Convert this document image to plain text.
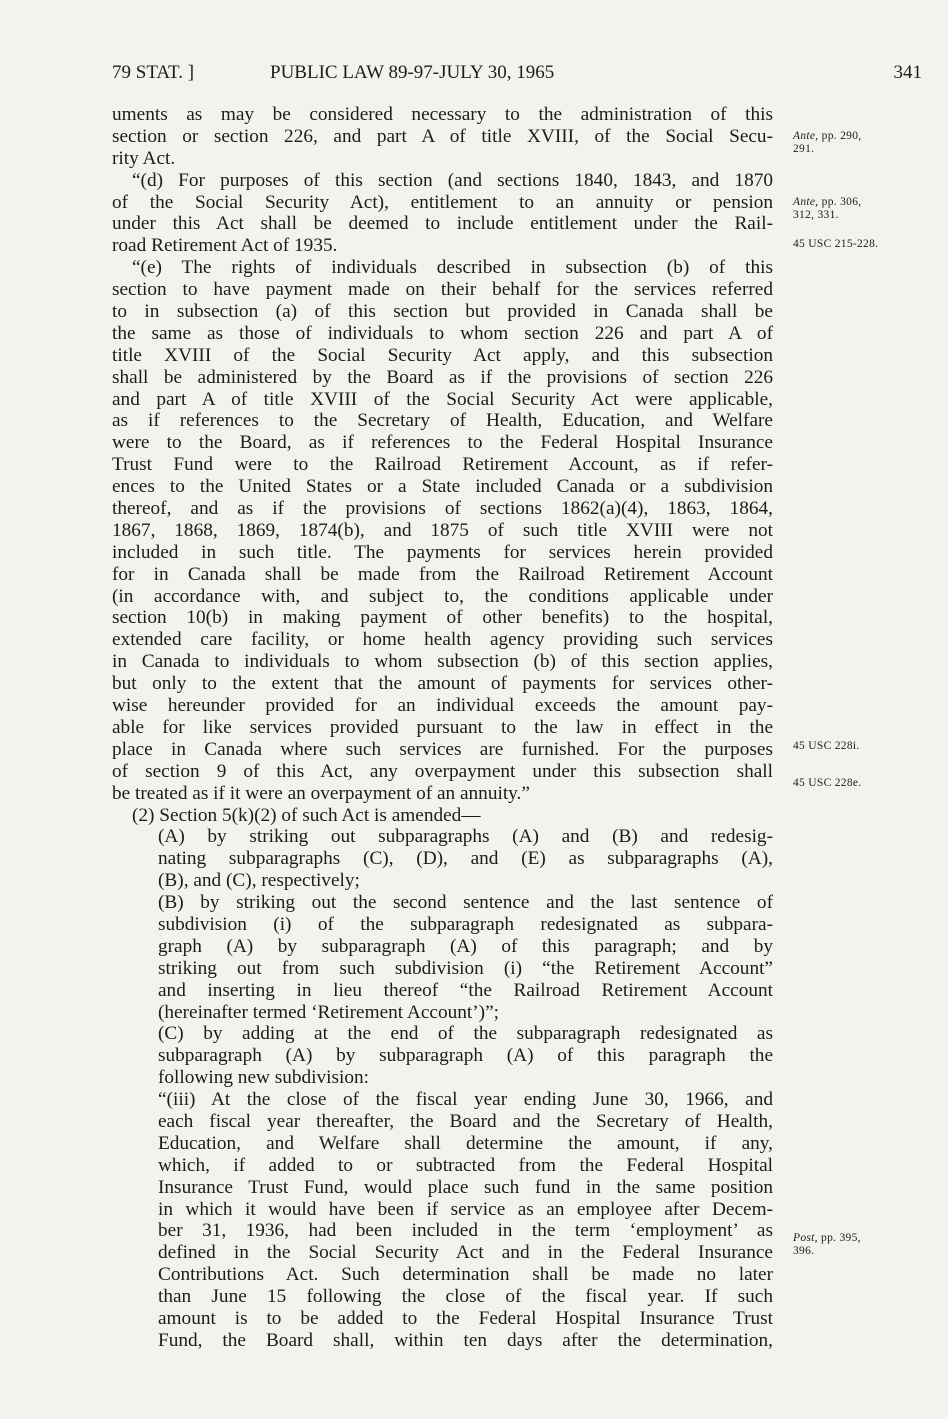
79 STAT. ]	PUBLIC LAW 89-97-JULY 30, 1965	341
uments as may be considered necessary to the administration of this
section or section 226, and part A of title XVIII, of the Social Secu-
rity Act.
“(d) For purposes of this section (and sections 1840, 1843, and 1870
of the Social Security Act), entitlement to an annuity or pension
under this Act shall be deemed to include entitlement under the Rail-
road Retirement Act of 1935.
“(e) The rights of individuals described in subsection (b) of this
section to have payment made on their behalf for the services referred
to in subsection (a) of this section but provided in Canada shall be
the same as those of individuals to whom section 226 and part A of
title XVIII of the Social Security Act apply, and this subsection
shall be administered by the Board as if the provisions of section 226
and part A of title XVIII of the Social Security Act were applicable,
as if references to the Secretary of Health, Education, and Welfare
were to the Board, as if references to the Federal Hospital Insurance
Trust Fund were to the Railroad Retirement Account, as if refer-
ences to the United States or a State included Canada or a subdivision
thereof, and as if the provisions of sections 1862(a)(4), 1863, 1864,
1867, 1868, 1869, 1874(b), and 1875 of such title XVIII were not
included in such title. The payments for services herein provided
for in Canada shall be made from the Railroad Retirement Account
(in accordance with, and subject to, the conditions applicable under
section 10(b) in making payment of other benefits) to the hospital,
extended care facility, or home health agency providing such services
in Canada to individuals to whom subsection (b) of this section applies,
but only to the extent that the amount of payments for services other-
wise hereunder provided for an individual exceeds the amount pay-
able for like services provided pursuant to the law in effect in the
place in Canada where such services are furnished. For the purposes
of section 9 of this Act, any overpayment under this subsection shall
be treated as if it were an overpayment of an annuity.”
(2) Section 5(k)(2) of such Act is amended—
(A) by striking out subparagraphs (A) and (B) and redesig-
nating subparagraphs (C), (D), and (E) as subparagraphs (A),
(B), and (C), respectively;
(B) by striking out the second sentence and the last sentence of
subdivision (i) of the subparagraph redesignated as subpara-
graph (A) by subparagraph (A) of this paragraph; and by
striking out from such subdivision (i) “the Retirement Account”
and inserting in lieu thereof “the Railroad Retirement Account
(hereinafter termed ‘Retirement Account’)”;
(C) by adding at the end of the subparagraph redesignated as
subparagraph (A) by subparagraph (A) of this paragraph the
following new subdivision:
“(iii) At the close of the fiscal year ending June 30, 1966, and
each fiscal year thereafter, the Board and the Secretary of Health,
Education, and Welfare shall determine the amount, if any,
which, if added to or subtracted from the Federal Hospital
Insurance Trust Fund, would place such fund in the same position
in which it would have been if service as an employee after Decem-
ber 31, 1936, had been included in the term ‘employment’ as
defined in the Social Security Act and in the Federal Insurance
Contributions Act. Such determination shall be made no later
than June 15 following the close of the fiscal year. If such
amount is to be added to the Federal Hospital Insurance Trust
Fund, the Board shall, within ten days after the determination,
Ante, pp. 290,
291.
Ante, pp. 306,
312, 331.
45 USC 215-228.
45 USC 228i.
45 USC 228e.
Post, pp. 395,
396.
